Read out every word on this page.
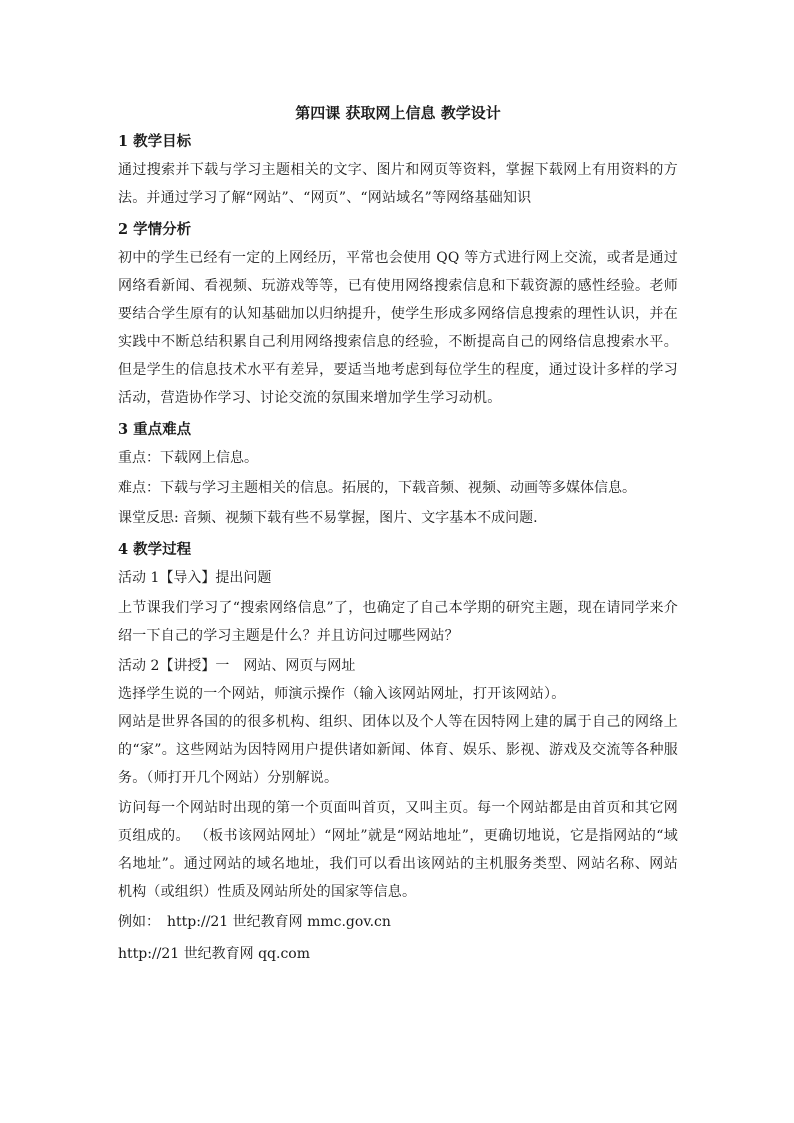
第四课 获取网上信息 教学设计
1 教学目标

通过搜索并下载与学习主题相关的文字、图片和网页等资料，掌握下载网上有用资料的方法。并通过学习了解“网站”、“网页”、“网站域名”等网络基础知识

2 学情分析

初中的学生已经有一定的上网经历，平常也会使用 QQ 等方式进行网上交流，或者是通过网络看新闻、看视频、玩游戏等等，已有使用网络搜索信息和下载资源的感性经验。老师要结合学生原有的认知基础加以归纳提升，使学生形成多网络信息搜索的理性认识，并在实践中不断总结积累自己利用网络搜索信息的经验，不断提高自己的网络信息搜索水平。但是学生的信息技术水平有差异，要适当地考虑到每位学生的程度，通过设计多样的学习活动，营造协作学习、讨论交流的氛围来增加学生学习动机。

3 重点难点
重点：下载网上信息。
难点：下载与学习主题相关的信息。拓展的，下载音频、视频、动画等多媒体信息。
课堂反思: 音频、视频下载有些不易掌握，图片、文字基本不成问题.
4 教学过程
活动 1【导入】提出问题

上节课我们学习了“搜索网络信息”了，也确定了自己本学期的研究主题，现在请同学来介绍一下自己的学习主题是什么？并且访问过哪些网站？

活动 2【讲授】一　网站、网页与网址

选择学生说的一个网站，师演示操作（输入该网站网址，打开该网站）。

网站是世界各国的的很多机构、组织、团体以及个人等在因特网上建的属于自己的网络上的“家”。这些网站为因特网用户提供诸如新闻、体育、娱乐、影视、游戏及交流等各种服务。（师打开几个网站）分别解说。

访问每一个网站时出现的第一个页面叫首页，又叫主页。每一个网站都是由首页和其它网页组成的。 （板书该网站网址）“网址”就是“网站地址”，更确切地说，它是指网站的“域名地址”。通过网站的域名地址，我们可以看出该网站的主机服务类型、网站名称、网站机构（或组织）性质及网站所处的国家等信息。

例如：　http://21 世纪教育网 mmc.gov.cn
http://21 世纪教育网 qq.com
